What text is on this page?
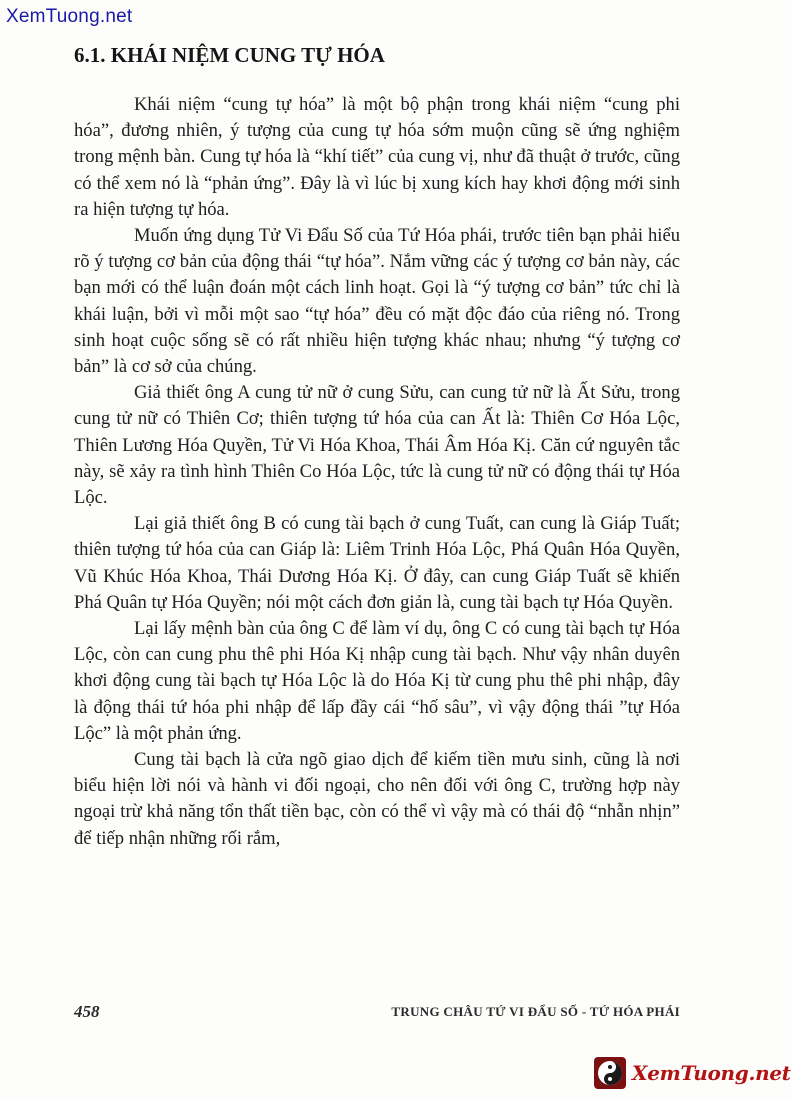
XemTuong.net
6.1. KHÁI NIỆM CUNG TỰ HÓA

Khái niệm “cung tự hóa” là một bộ phận trong khái niệm “cung phi hóa”, đương nhiên, ý tượng của cung tự hóa sớm muộn cũng sẽ ứng nghiệm trong mệnh bàn. Cung tự hóa là “khí tiết” của cung vị, như đã thuật ở trước, cũng có thể xem nó là “phản ứng”. Đây là vì lúc bị xung kích hay khơi động mới sinh ra hiện tượng tự hóa.

Muốn ứng dụng Tử Vi Đẩu Số của Tứ Hóa phái, trước tiên bạn phải hiểu rõ ý tượng cơ bản của động thái “tự hóa”. Nắm vững các ý tượng cơ bản này, các bạn mới có thể luận đoán một cách linh hoạt. Gọi là “ý tượng cơ bản” tức chỉ là khái luận, bởi vì mỗi một sao “tự hóa” đều có mặt độc đáo của riêng nó. Trong sinh hoạt cuộc sống sẽ có rất nhiều hiện tượng khác nhau; nhưng “ý tượng cơ bản” là cơ sở của chúng.

Giả thiết ông A cung tử nữ ở cung Sửu, can cung tử nữ là Ất Sửu, trong cung tử nữ có Thiên Cơ; thiên tượng tứ hóa của can Ất là: Thiên Cơ Hóa Lộc, Thiên Lương Hóa Quyền, Tử Vi Hóa Khoa, Thái Âm Hóa Kị. Căn cứ nguyên tắc này, sẽ xảy ra tình hình Thiên Co Hóa Lộc, tức là cung tử nữ có động thái tự Hóa Lộc.

Lại giả thiết ông B có cung tài bạch ở cung Tuất, can cung là Giáp Tuất; thiên tượng tứ hóa của can Giáp là: Liêm Trinh Hóa Lộc, Phá Quân Hóa Quyền, Vũ Khúc Hóa Khoa, Thái Dương Hóa Kị. Ở đây, can cung Giáp Tuất sẽ khiến Phá Quân tự Hóa Quyền; nói một cách đơn giản là, cung tài bạch tự Hóa Quyền.

Lại lấy mệnh bàn của ông C để làm ví dụ, ông C có cung tài bạch tự Hóa Lộc, còn can cung phu thê phi Hóa Kị nhập cung tài bạch. Như vậy nhân duyên khơi động cung tài bạch tự Hóa Lộc là do Hóa Kị từ cung phu thê phi nhập, đây là động thái tứ hóa phi nhập để lấp đầy cái “hố sâu”, vì vậy động thái ”tự Hóa Lộc” là một phản ứng.

Cung tài bạch là cửa ngõ giao dịch để kiếm tiền mưu sinh, cũng là nơi biểu hiện lời nói và hành vi đối ngoại, cho nên đối với ông C, trường hợp này ngoại trừ khả năng tổn thất tiền bạc, còn có thể vì vậy mà có thái độ “nhẫn nhịn” để tiếp nhận những rối rắm,

458	TRUNG CHÂU TỨ VI ĐẨU SỐ - TỨ HÓA PHÁI
XemTuong.net
